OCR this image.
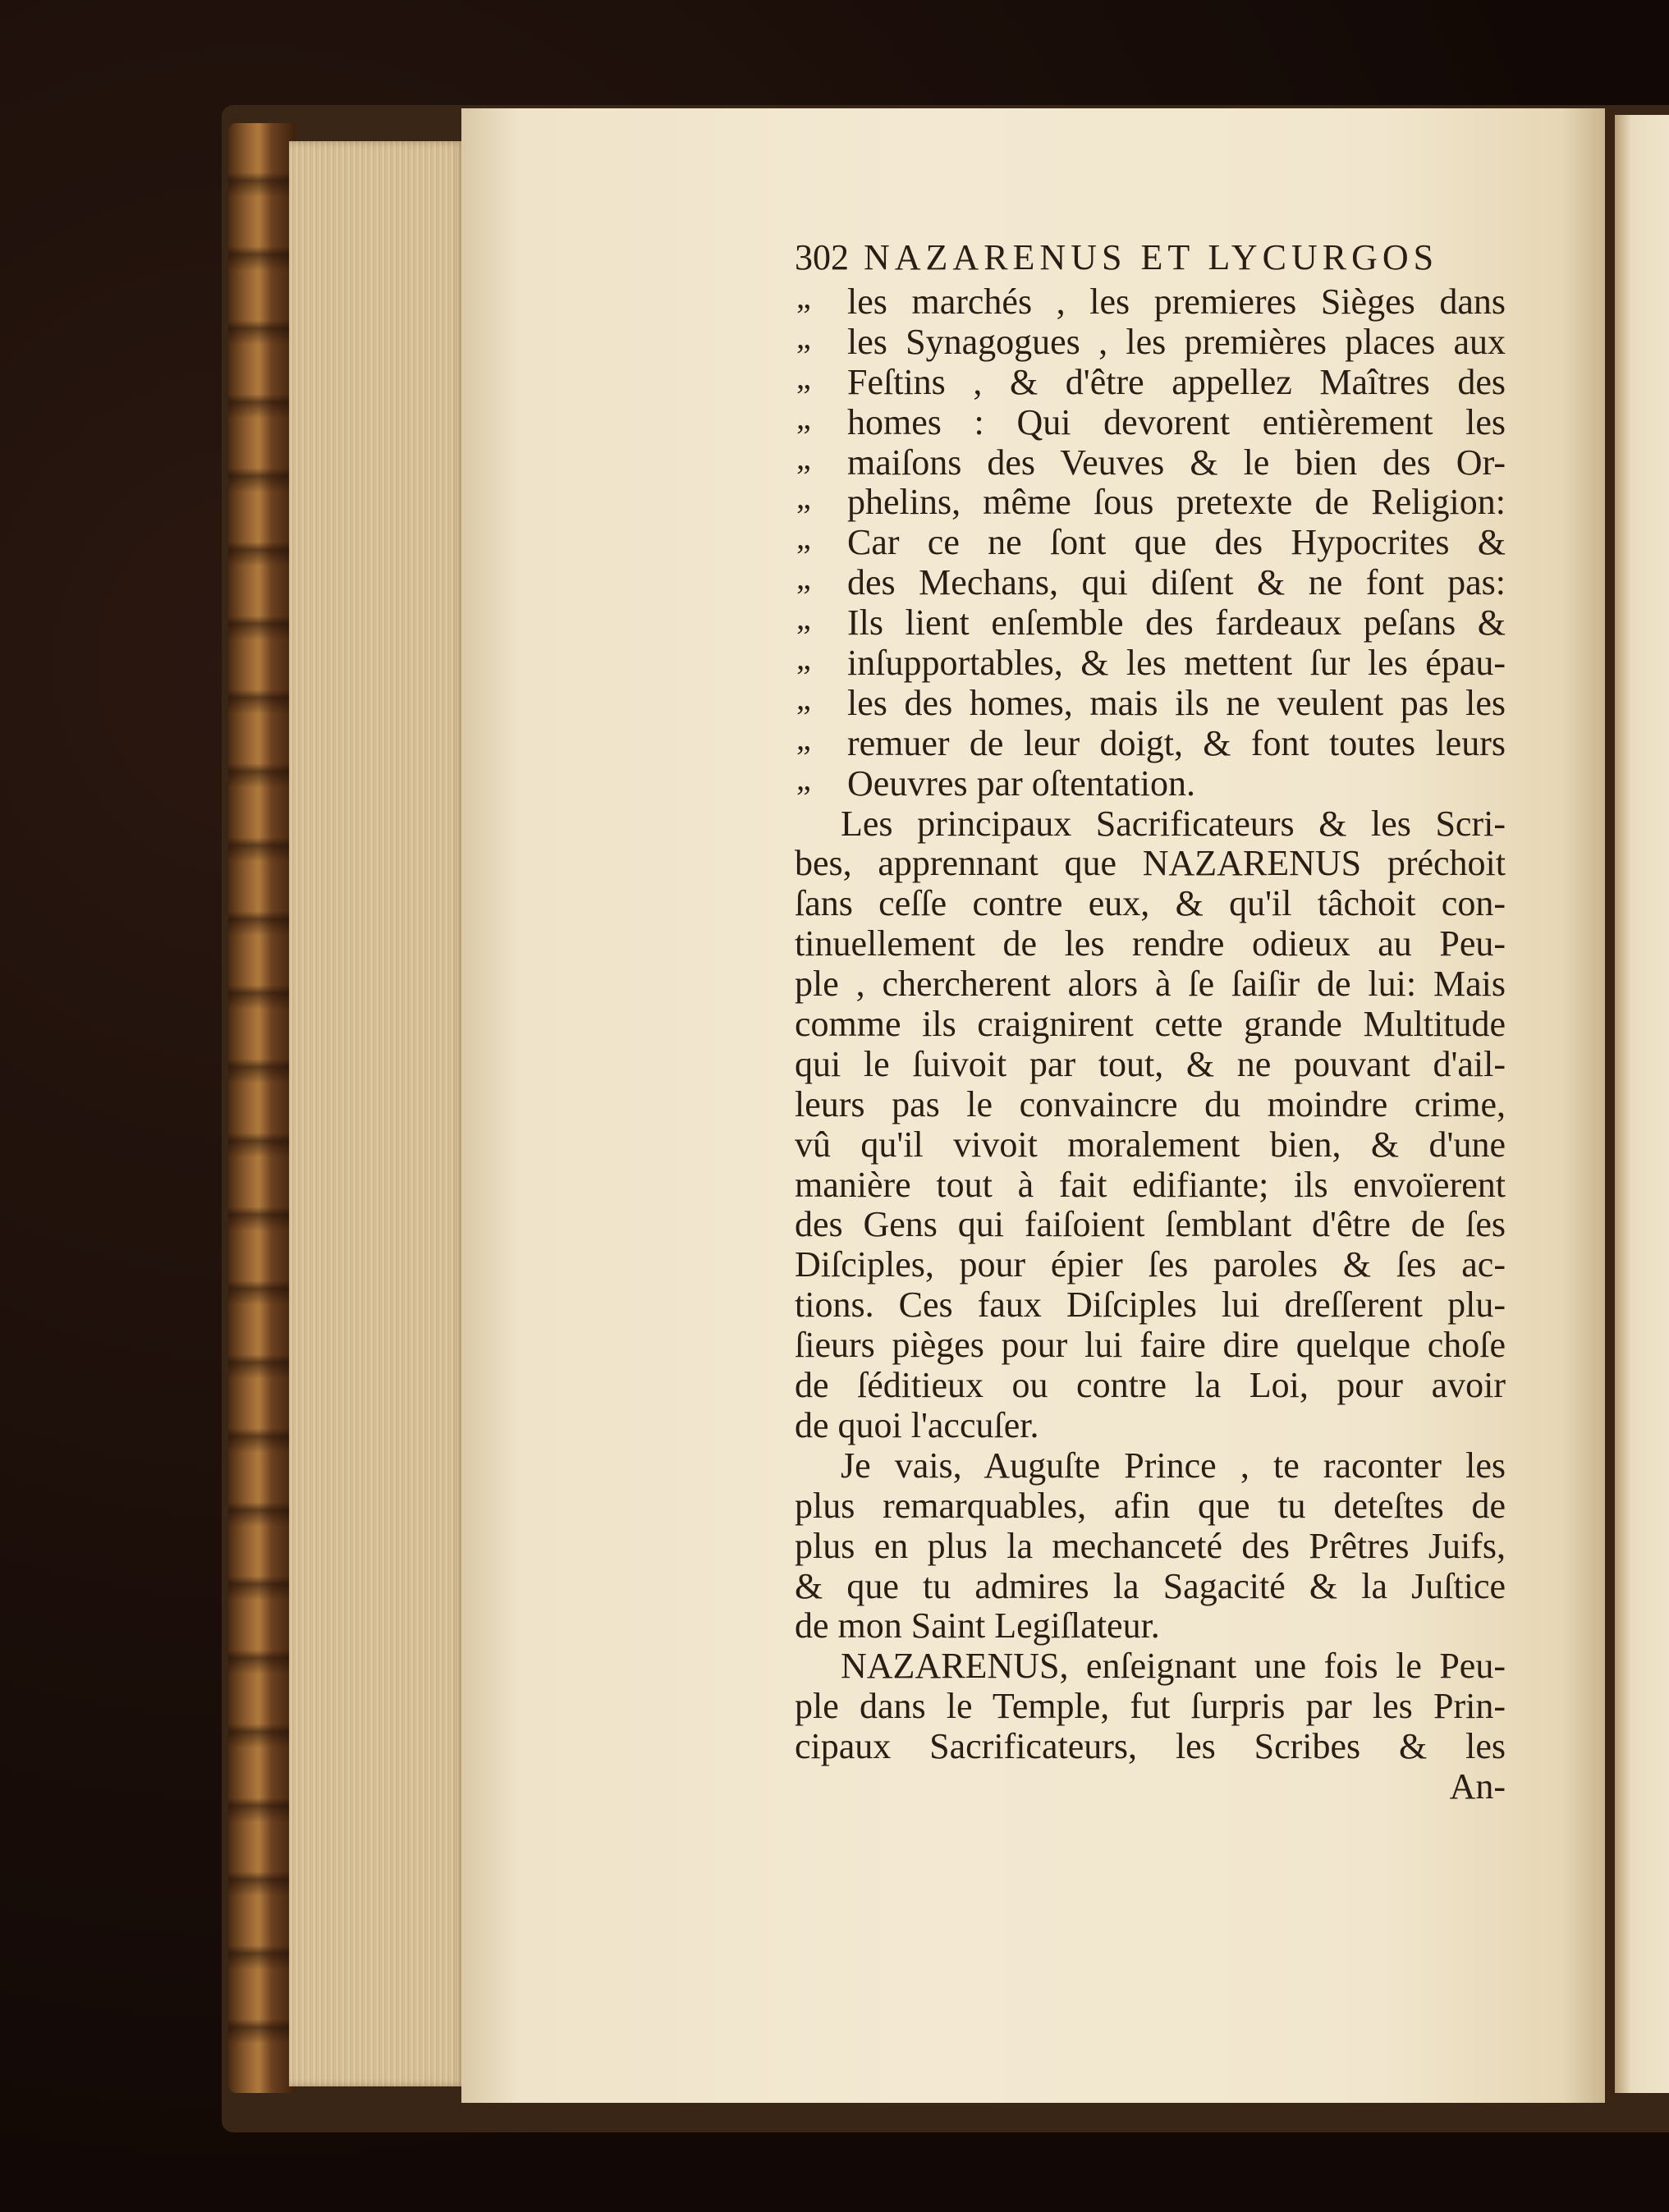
302 NAZARENUS ET LYCURGOS
„ les marchés , les premieres Sièges dans
„ les Synagogues , les premières places aux
„ Feſtins , & d'être appellez Maîtres des
„ homes : Qui devorent entièrement les
„ maiſons des Veuves & le bien des Or-
„ phelins, même ſous pretexte de Religion:
„ Car ce ne ſont que des Hypocrites &
„ des Mechans, qui diſent & ne font pas:
„ Ils lient enſemble des fardeaux peſans &
„ inſupportables, & les mettent ſur les épau-
„ les des homes, mais ils ne veulent pas les
„ remuer de leur doigt, & font toutes leurs
„ Oeuvres par oſtentation.
Les principaux Sacrificateurs & les Scri-
bes, apprennant que NAZARENUS préchoit
ſans ceſſe contre eux, & qu'il tâchoit con-
tinuellement de les rendre odieux au Peu-
ple , chercherent alors à ſe ſaiſir de lui: Mais
comme ils craignirent cette grande Multitude
qui le ſuivoit par tout, & ne pouvant d'ail-
leurs pas le convaincre du moindre crime,
vû qu'il vivoit moralement bien, & d'une
manière tout à fait edifiante; ils envoïerent
des Gens qui faiſoient ſemblant d'être de ſes
Diſciples, pour épier ſes paroles & ſes ac-
tions. Ces faux Diſciples lui dreſſerent plu-
ſieurs pièges pour lui faire dire quelque choſe
de ſéditieux ou contre la Loi, pour avoir
de quoi l'accuſer.
Je vais, Auguſte Prince , te raconter les
plus remarquables, afin que tu deteſtes de
plus en plus la mechanceté des Prêtres Juifs,
& que tu admires la Sagacité & la Juſtice
de mon Saint Legiſlateur.
NAZARENUS, enſeignant une fois le Peu-
ple dans le Temple, fut ſurpris par les Prin-
cipaux Sacrificateurs, les Scribes & les
An-
